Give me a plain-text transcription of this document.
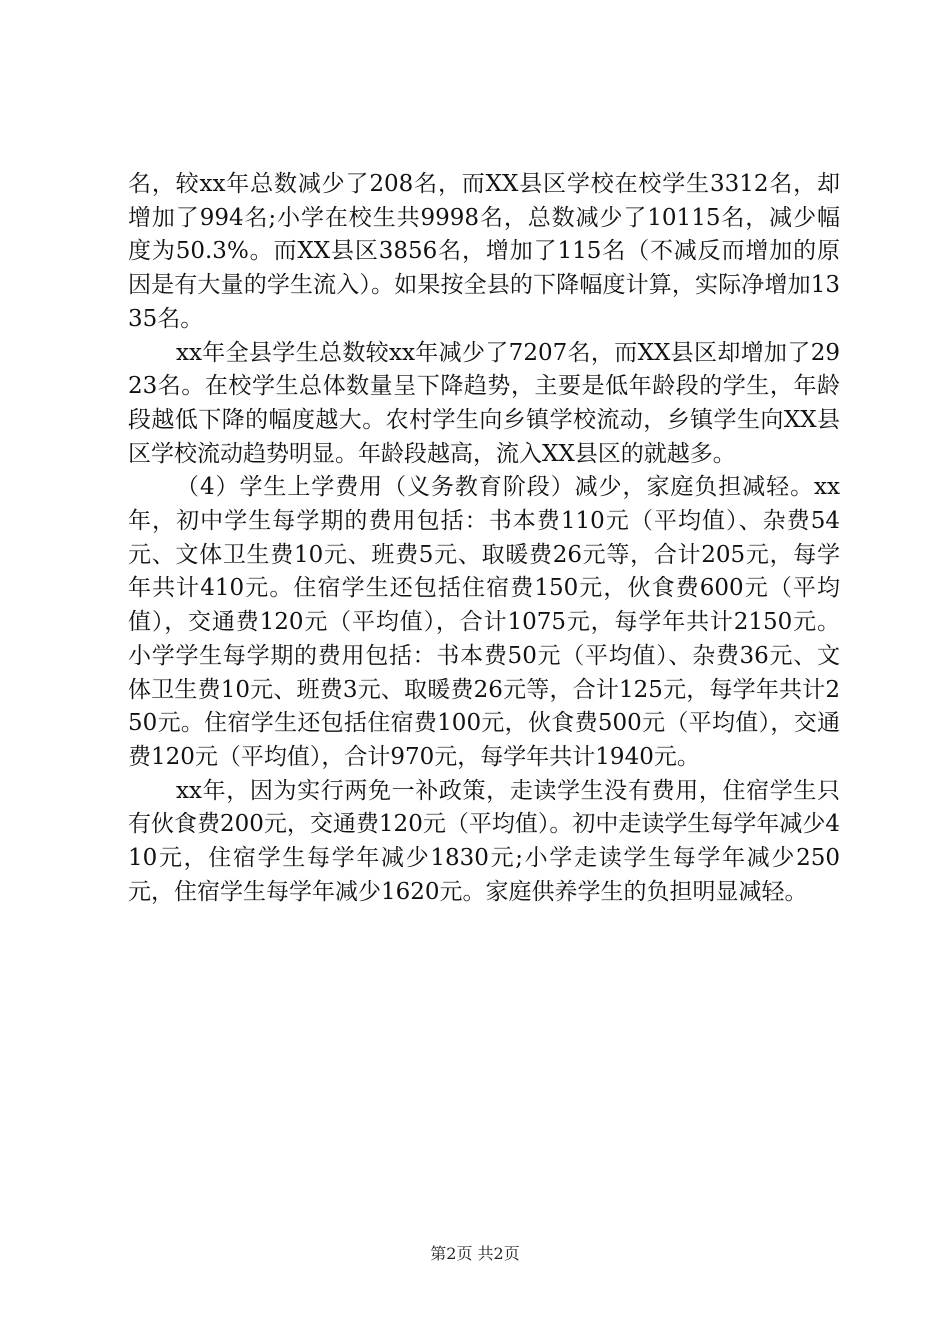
名，较xx年总数减少了208名，而XX县区学校在校学生3312名，却增加了994名;小学在校生共9998名，总数减少了10115名，减少幅度为50.3%。而XX县区3856名，增加了115名（不减反而增加的原因是有大量的学生流入）。如果按全县的下降幅度计算，实际净增加1335名。

xx年全县学生总数较xx年减少了7207名，而XX县区却增加了2923名。在校学生总体数量呈下降趋势，主要是低年龄段的学生，年龄段越低下降的幅度越大。农村学生向乡镇学校流动，乡镇学生向XX县区学校流动趋势明显。年龄段越高，流入XX县区的就越多。

（4）学生上学费用（义务教育阶段）减少，家庭负担减轻。xx年，初中学生每学期的费用包括：书本费110元（平均值）、杂费54元、文体卫生费10元、班费5元、取暖费26元等，合计205元，每学年共计410元。住宿学生还包括住宿费150元，伙食费600元（平均值），交通费120元（平均值），合计1075元，每学年共计2150元。小学学生每学期的费用包括：书本费50元（平均值）、杂费36元、文体卫生费10元、班费3元、取暖费26元等，合计125元，每学年共计250元。住宿学生还包括住宿费100元，伙食费500元（平均值），交通费120元（平均值），合计970元，每学年共计1940元。

xx年，因为实行两免一补政策，走读学生没有费用，住宿学生只有伙食费200元，交通费120元（平均值）。初中走读学生每学年减少410元，住宿学生每学年减少1830元;小学走读学生每学年减少250元，住宿学生每学年减少1620元。家庭供养学生的负担明显减轻。

第2页 共2页
